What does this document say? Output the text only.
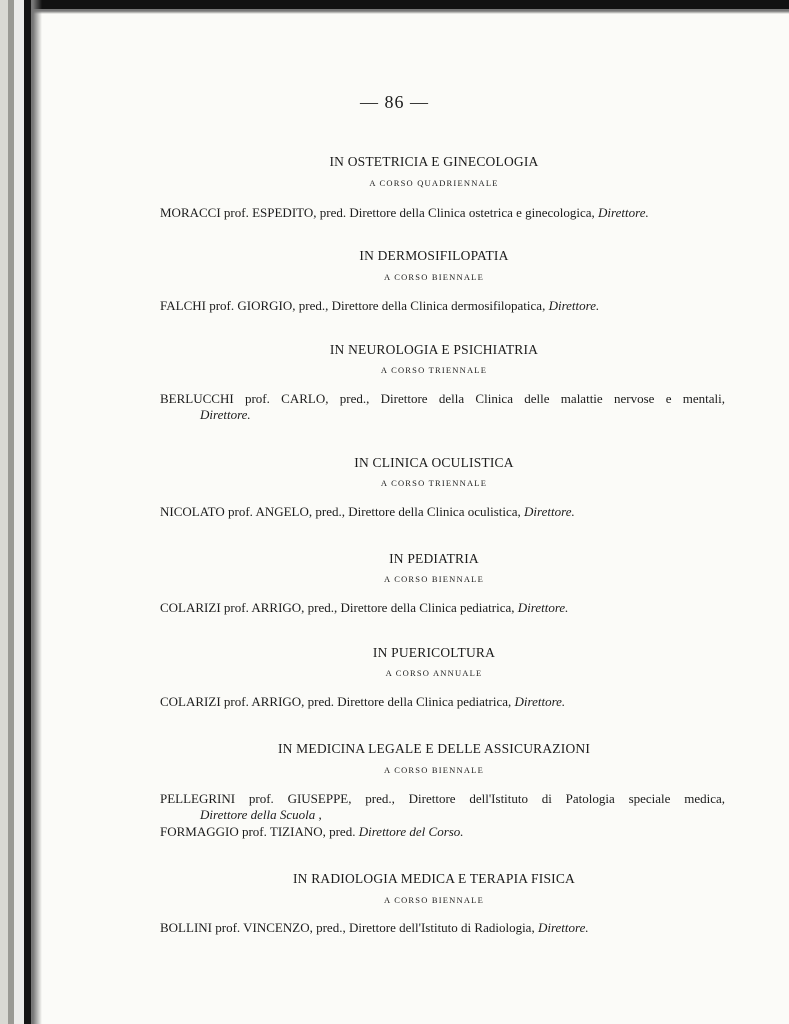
— 86 —
IN OSTETRICIA E GINECOLOGIA
A CORSO QUADRIENNALE
MORACCI prof. ESPEDITO, pred. Direttore della Clinica ostetrica e ginecologica, Direttore.
IN DERMOSIFILOPATIA
A CORSO BIENNALE
FALCHI prof. GIORGIO, pred., Direttore della Clinica dermosifilopatica, Direttore.
IN NEUROLOGIA E PSICHIATRIA
A CORSO TRIENNALE
BERLUCCHI prof. CARLO, pred., Direttore della Clinica delle malattie nervose e mentali,
Direttore.
IN CLINICA OCULISTICA
A CORSO TRIENNALE
NICOLATO prof. ANGELO, pred., Direttore della Clinica oculistica, Direttore.
IN PEDIATRIA
A CORSO BIENNALE
COLARIZI prof. ARRIGO, pred., Direttore della Clinica pediatrica, Direttore.
IN PUERICOLTURA
A CORSO ANNUALE
COLARIZI prof. ARRIGO, pred. Direttore della Clinica pediatrica, Direttore.
IN MEDICINA LEGALE E DELLE ASSICURAZIONI
A CORSO BIENNALE
PELLEGRINI prof. GIUSEPPE, pred., Direttore dell'Istituto di Patologia speciale medica,
Direttore della Scuola ,
FORMAGGIO prof. TIZIANO, pred. Direttore del Corso.
IN RADIOLOGIA MEDICA E TERAPIA FISICA
A CORSO BIENNALE
BOLLINI prof. VINCENZO, pred., Direttore dell'Istituto di Radiologia, Direttore.
